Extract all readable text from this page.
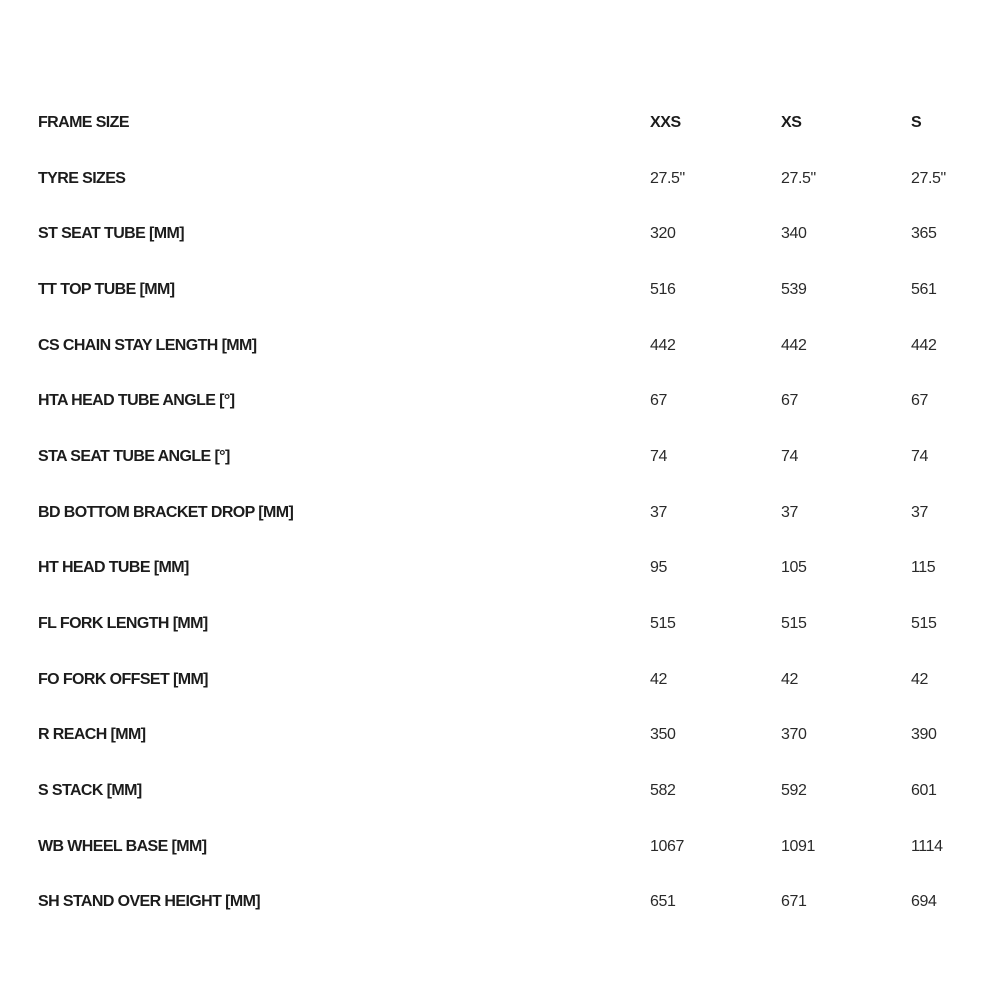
FRAME SIZE	XXS	XS	S
TYRE SIZES	27.5"	27.5"	27.5"
ST SEAT TUBE [MM]	320	340	365
TT TOP TUBE [MM]	516	539	561
CS CHAIN STAY LENGTH [MM]	442	442	442
HTA HEAD TUBE ANGLE [°]	67	67	67
STA SEAT TUBE ANGLE [°]	74	74	74
BD BOTTOM BRACKET DROP [MM]	37	37	37
HT HEAD TUBE [MM]	95	105	115
FL FORK LENGTH [MM]	515	515	515
FO FORK OFFSET [MM]	42	42	42
R REACH [MM]	350	370	390
S STACK [MM]	582	592	601
WB WHEEL BASE [MM]	1067	1091	1114
SH STAND OVER HEIGHT [MM]	651	671	694
